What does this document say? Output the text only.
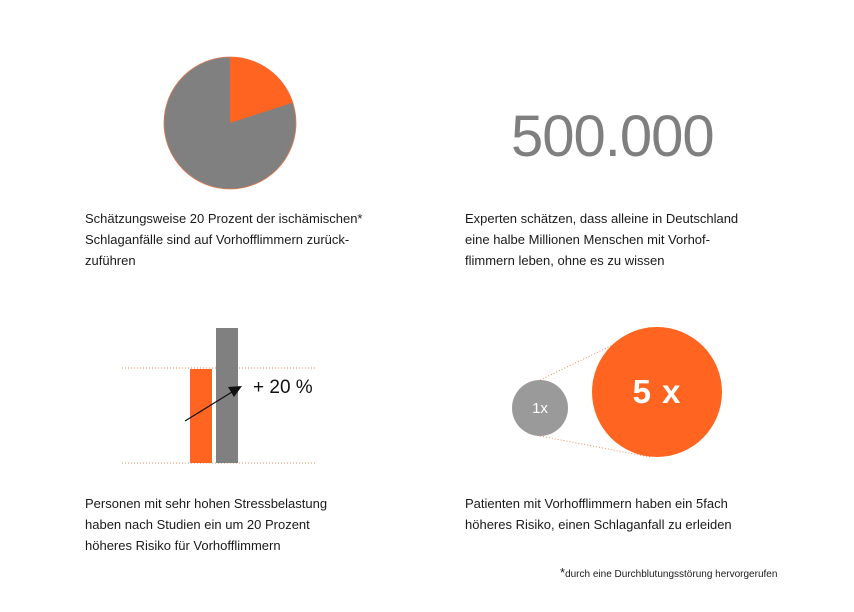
Schätzungsweise 20 Prozent der ischämischen*
Schlaganfälle sind auf Vorhofflimmern zurück-
zuführen
500.000
Experten schätzen, dass alleine in Deutschland
eine halbe Millionen Menschen mit Vorhof-
flimmern leben, ohne es zu wissen
+ 20 %
Personen mit sehr hohen Stressbelastung
haben nach Studien ein um 20 Prozent
höheres Risiko für Vorhofflimmern
1x	5 x
Patienten mit Vorhofflimmern haben ein 5fach
höheres Risiko, einen Schlaganfall zu erleiden
*durch eine Durchblutungsstörung hervorgerufen
